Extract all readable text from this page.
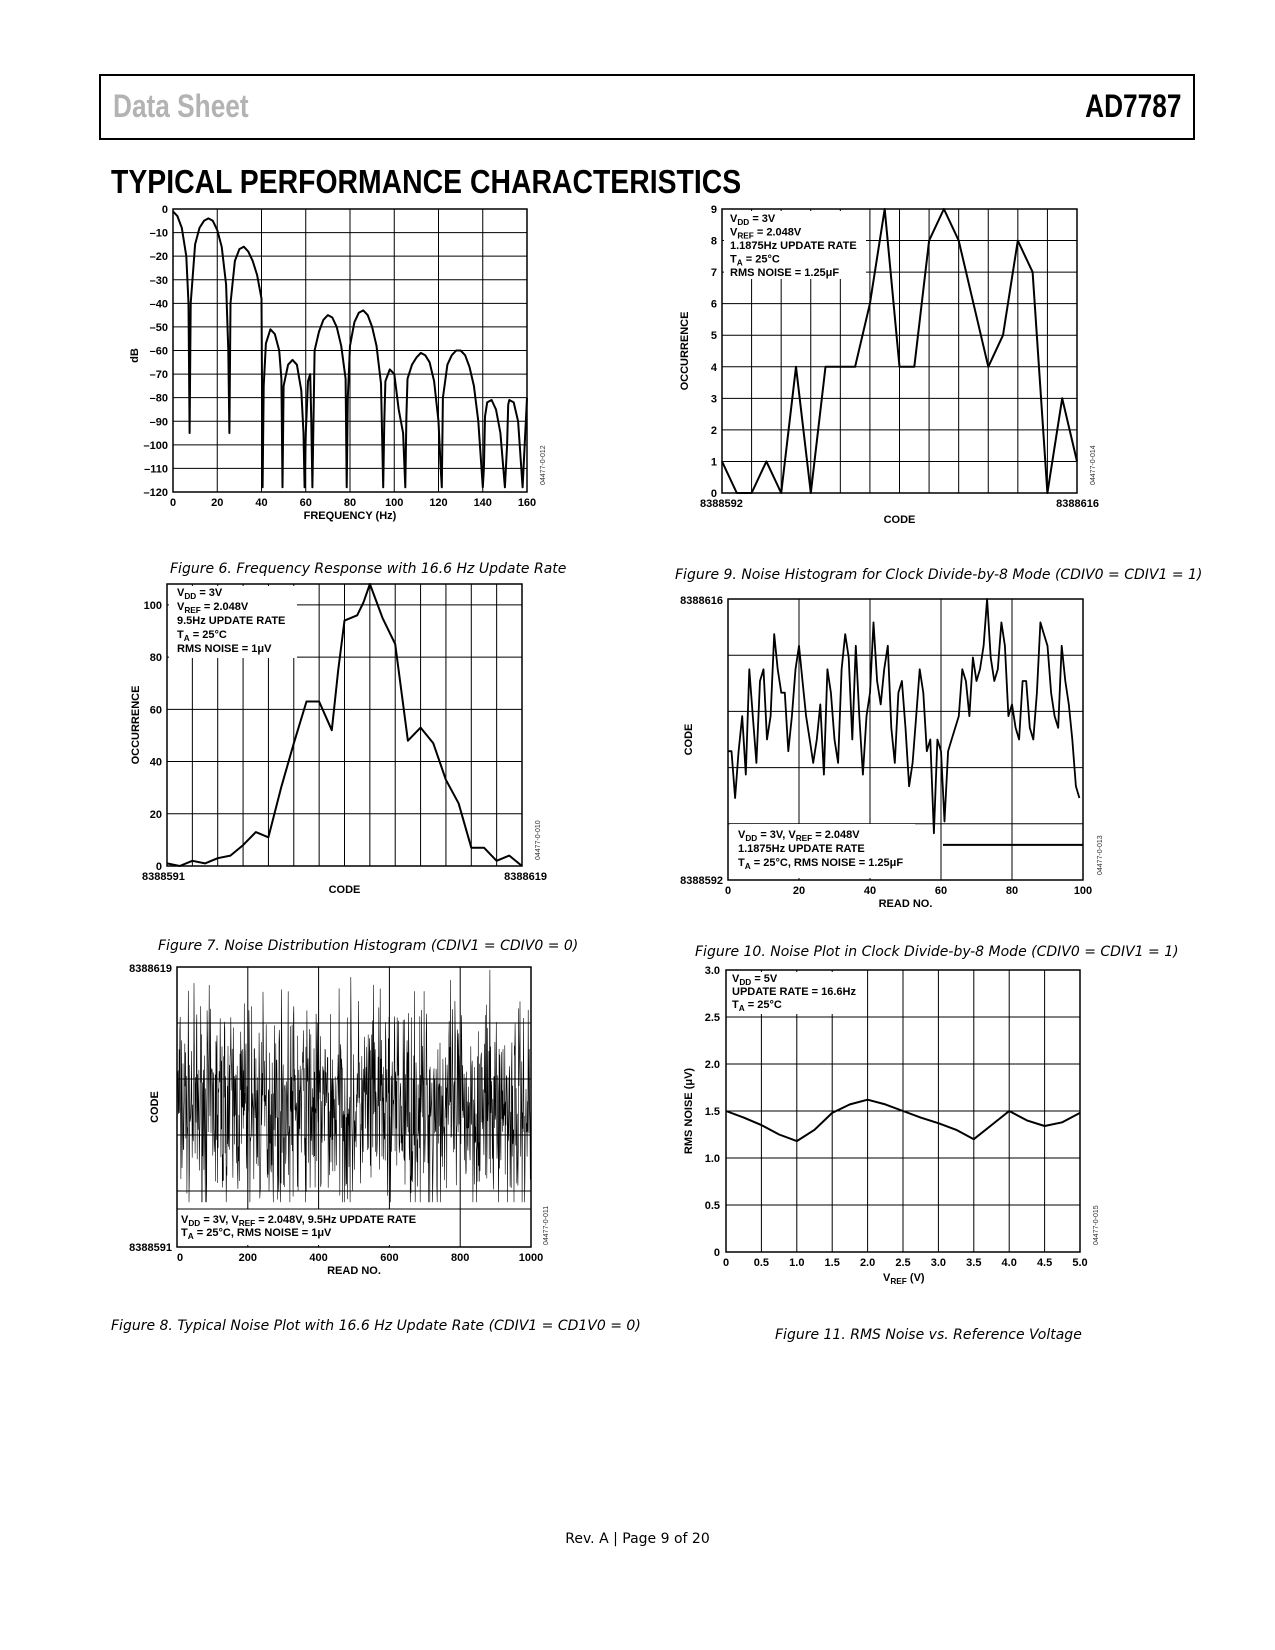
Data Sheet	AD7787
TYPICAL PERFORMANCE CHARACTERISTICS
0
–10
–20
–30
–40
–50
–60
–70
–80
–90
–100
–110
–120
0	20	40	60	80	100 120 140 160
FREQUENCY (Hz)
dB
04477-0-012
0
20
40
60
80
100
8388591	8388619
CODE
OCCURRENCE
$V_{DD} = 3V$
$V_{REF} = 2.048V$
9.5Hz UPDATE RATE
$T_A = 25^\circ C$
RMS NOISE = 1μV
04477-0-010
8388619
8388591
0	200	400	600	800	1000
READ NO.
CODE
$V_{DD} = 3V$, $V_{REF} = 2.048V$, 9.5Hz UPDATE RATE
$T_A = 25^\circ C$, RMS NOISE = 1μV	04477-0-011
0
1
2
3
4
5
6
7
8
9
8388592	8388616
CODE
OCCURRENCE
$V_{DD} = 3V$
$V_{REF} = 2.048V$
1.1875Hz UPDATE RATE
$T_A = 25^\circ C$
RMS NOISE = 1.25μF
04477-0-014
8388616
8388592
0	20	40	60	80	100
READ NO.
CODE
$V_{DD} = 3V$, $V_{REF} = 2.048V$
1.1875Hz UPDATE RATE
$T_A = 25^\circ C$, RMS NOISE = 1.25μF	04477-0-013
0
0.5
1.0
1.5
2.0
2.5
3.0
0 0.5 1.0 1.5 2.0 2.5 3.0 3.5 4.0 4.5 5.0
$V_{REF}$ (V)
RMS NOISE (μV)
$V_{DD} = 5V$
UPDATE RATE = 16.6Hz
$T_A = 25^\circ C$
04477-0-015
Figure 6. Frequency Response with 16.6 Hz Update Rate
Figure 7. Noise Distribution Histogram (CDIV1 = CDIV0 = 0)
Figure 8. Typical Noise Plot with 16.6 Hz Update Rate (CDIV1 = CD1V0 = 0)
Figure 9. Noise Histogram for Clock Divide-by-8 Mode (CDIV0 = CDIV1 = 1)
Figure 10. Noise Plot in Clock Divide-by-8 Mode (CDIV0 = CDIV1 = 1)
Figure 11. RMS Noise vs. Reference Voltage
Rev. A | Page 9 of 20
